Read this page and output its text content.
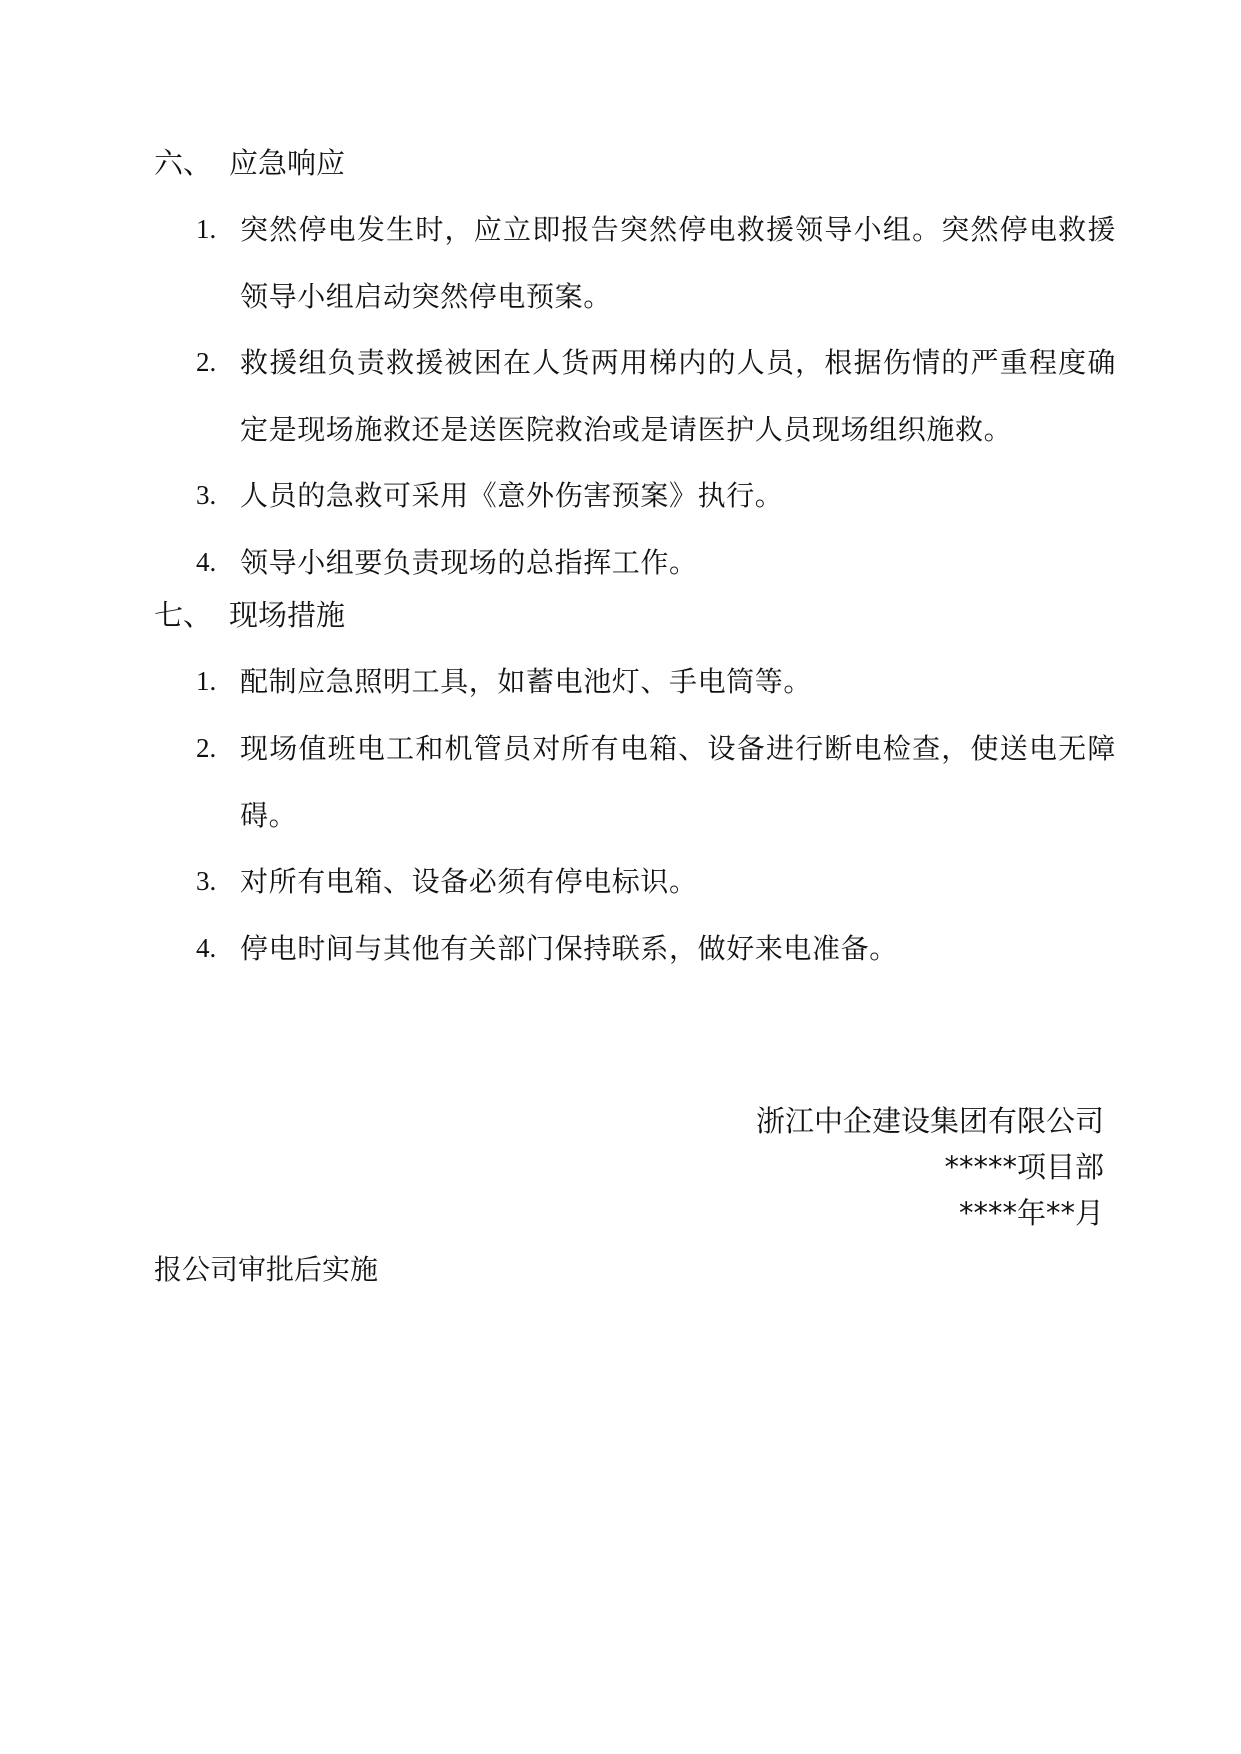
六、 应急响应
1. 突然停电发生时，应立即报告突然停电救援领导小组。突然停电救援领导小组启动突然停电预案。
2. 救援组负责救援被困在人货两用梯内的人员，根据伤情的严重程度确定是现场施救还是送医院救治或是请医护人员现场组织施救。
3. 人员的急救可采用《意外伤害预案》执行。
4. 领导小组要负责现场的总指挥工作。
七、 现场措施
1. 配制应急照明工具，如蓄电池灯、手电筒等。
2. 现场值班电工和机管员对所有电箱、设备进行断电检查，使送电无障碍。
3. 对所有电箱、设备必须有停电标识。
4. 停电时间与其他有关部门保持联系，做好来电准备。
浙江中企建设集团有限公司
*****项目部
****年**月
报公司审批后实施
